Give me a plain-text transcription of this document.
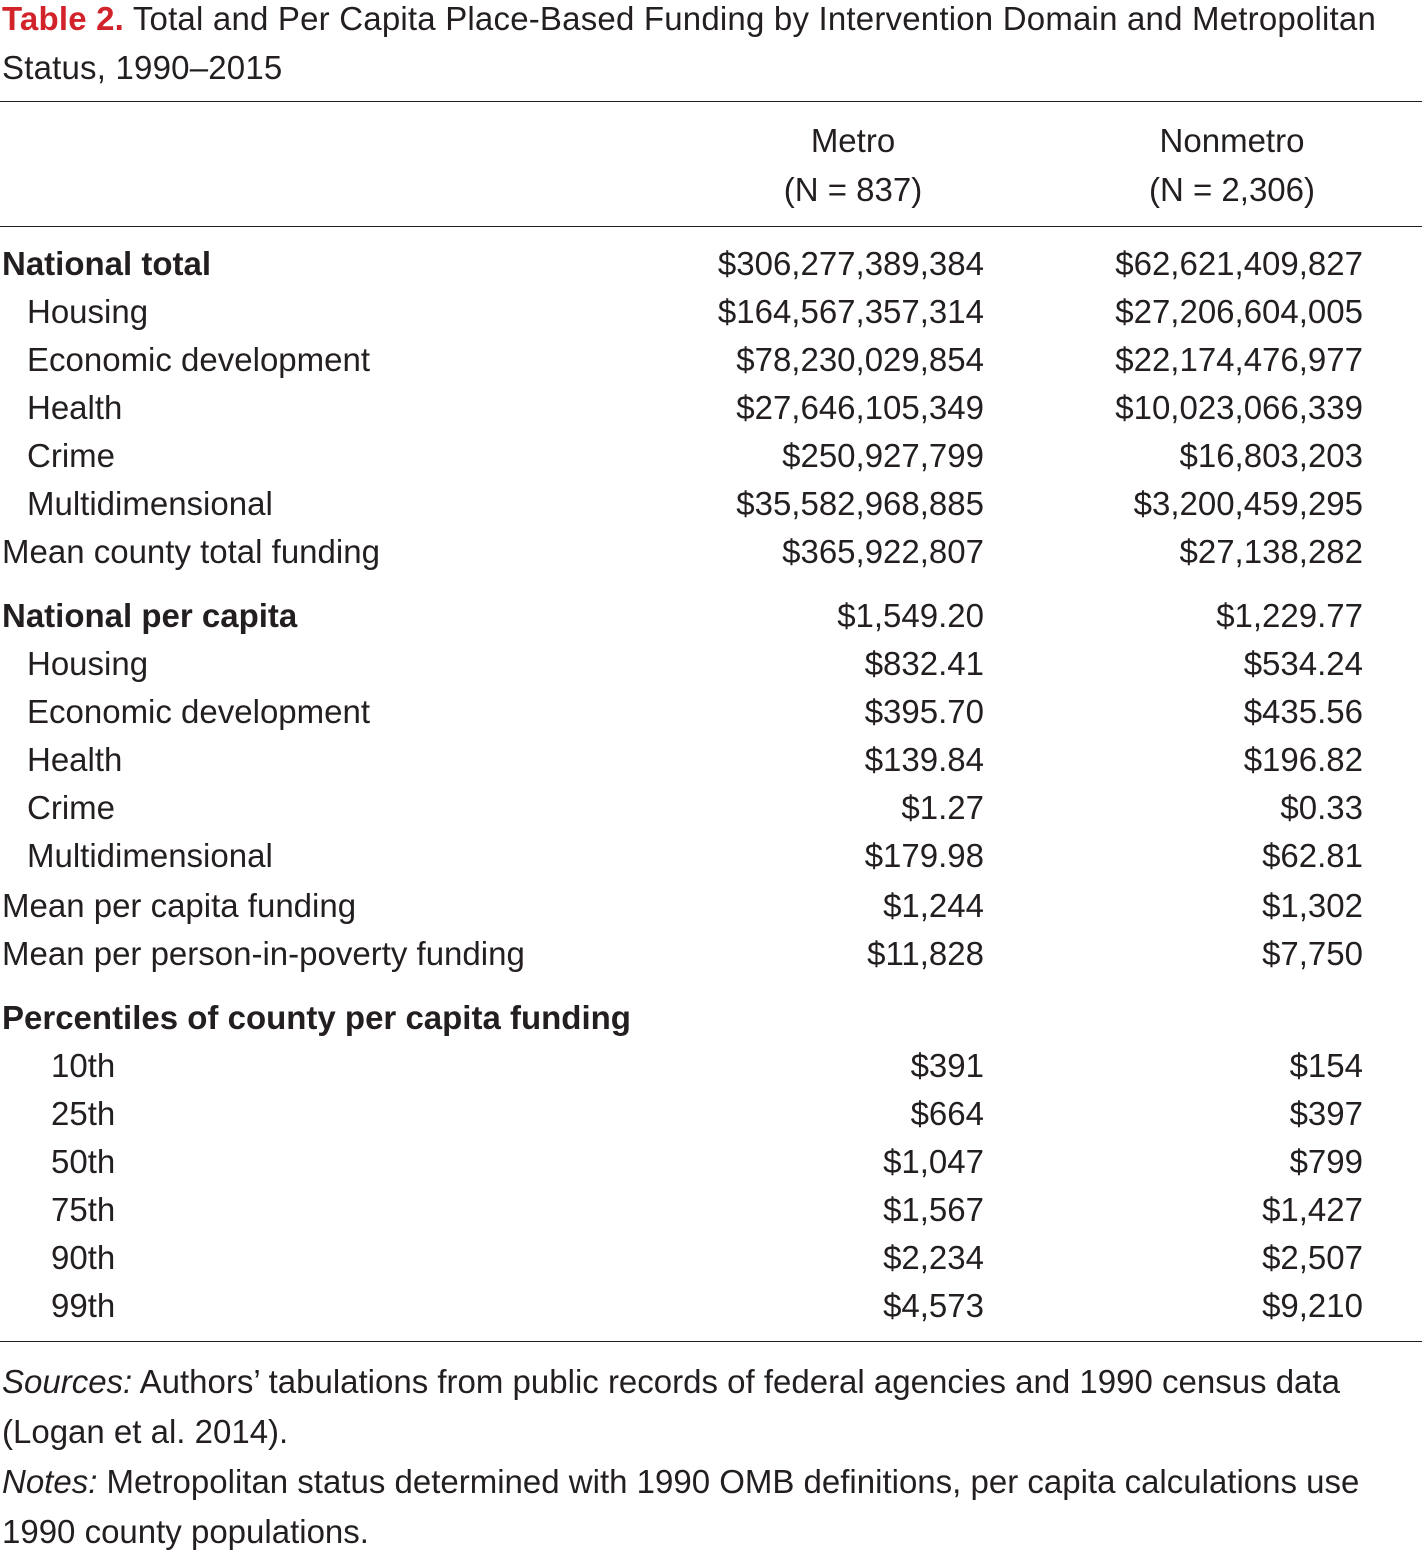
Table 2. Total and Per Capita Place-Based Funding by Intervention Domain and Metropolitan Status, 1990–2015
Metro
(N = 837)
Nonmetro
(N = 2,306)
National total	$306,277,389,384	$62,621,409,827
Housing	$164,567,357,314	$27,206,604,005
Economic development	$78,230,029,854	$22,174,476,977
Health	$27,646,105,349	$10,023,066,339
Crime	$250,927,799	$16,803,203
Multidimensional	$35,582,968,885	$3,200,459,295
Mean county total funding	$365,922,807	$27,138,282
National per capita	$1,549.20	$1,229.77
Housing	$832.41	$534.24
Economic development	$395.70	$435.56
Health	$139.84	$196.82
Crime	$1.27	$0.33
Multidimensional	$179.98	$62.81
Mean per capita funding	$1,244	$1,302
Mean per person-in-poverty funding	$11,828	$7,750
Percentiles of county per capita funding
10th	$391	$154
25th	$664	$397
50th	$1,047	$799
75th	$1,567	$1,427
90th	$2,234	$2,507
99th	$4,573	$9,210

Sources: Authors’ tabulations from public records of federal agencies and 1990 census data (Logan et al. 2014).

Notes: Metropolitan status determined with 1990 OMB definitions, per capita calculations use 1990 county populations.
